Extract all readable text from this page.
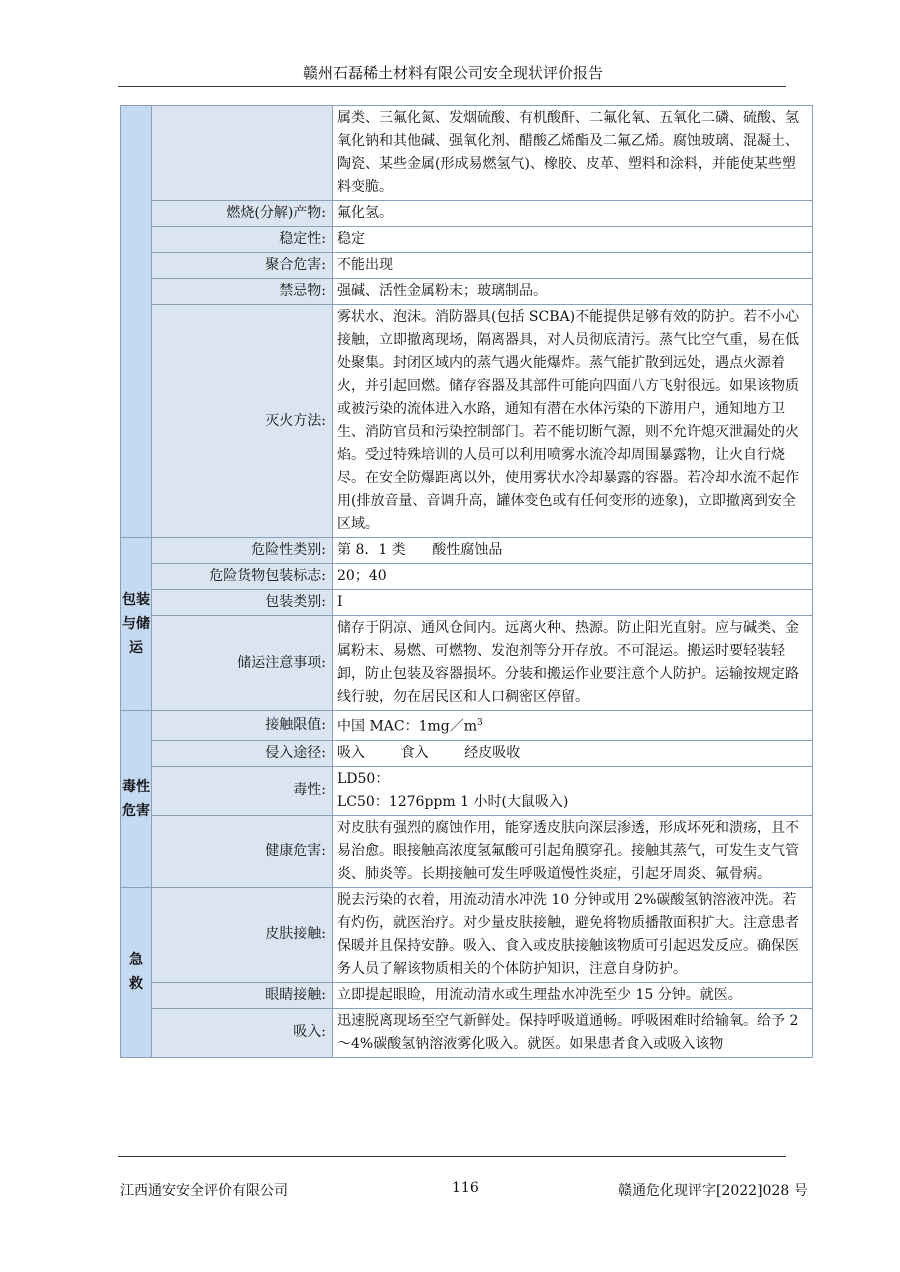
赣州石磊稀土材料有限公司安全现状评价报告
		属类、三氟化氮、发烟硫酸、有机酸酐、二氟化氧、五氧化二磷、硫酸、氢氧化钠和其他碱、强氧化剂、醋酸乙烯酯及二氟乙烯。腐蚀玻璃、混凝土、陶瓷、某些金属(形成易燃氢气)、橡胶、皮革、塑料和涂料，并能使某些塑料变脆。
	燃烧(分解)产物:	氟化氢。
	稳定性:	稳定
	聚合危害:	不能出现
	禁忌物:	强碱、活性金属粉末；玻璃制品。
	灭火方法:	雾状水、泡沫。消防器具(包括 SCBA)不能提供足够有效的防护。若不小心接触，立即撤离现场，隔离器具，对人员彻底清污。蒸气比空气重，易在低处聚集。封闭区域内的蒸气遇火能爆炸。蒸气能扩散到远处，遇点火源着火，并引起回燃。储存容器及其部件可能向四面八方飞射很远。如果该物质或被污染的流体进入水路，通知有潜在水体污染的下游用户，通知地方卫生、消防官员和污染控制部门。若不能切断气源，则不允许熄灭泄漏处的火焰。受过特殊培训的人员可以利用喷雾水流冷却周围暴露物，让火自行烧尽。在安全防爆距离以外，使用雾状水冷却暴露的容器。若冷却水流不起作用(排放音量、音调升高，罐体变色或有任何变形的迹象)，立即撤离到安全区域。
包装与储运	危险性类别:	第 8．1 类 酸性腐蚀品
	危险货物包装标志:	20；40
	包装类别:	Ⅰ
	储运注意事项:	储存于阴凉、通风仓间内。远离火种、热源。防止阳光直射。应与碱类、金属粉末、易燃、可燃物、发泡剂等分开存放。不可混运。搬运时要轻装轻卸，防止包装及容器损坏。分装和搬运作业要注意个人防护。运输按规定路线行驶，勿在居民区和人口稠密区停留。
毒性危害	接触限值:	中国 MAC：$1mg/m^3$
	侵入途径:	吸入 食入 经皮吸收
	毒性:	LD50：
LC50：1276ppm 1 小时(大鼠吸入)

	健康危害:	对皮肤有强烈的腐蚀作用，能穿透皮肤向深层渗透，形成坏死和溃疡，且不易治愈。眼接触高浓度氢氟酸可引起角膜穿孔。接触其蒸气，可发生支气管炎、肺炎等。长期接触可发生呼吸道慢性炎症，引起牙周炎、氟骨病。
急 救	皮肤接触:	脱去污染的衣着，用流动清水冲洗 10 分钟或用 2%碳酸氢钠溶液冲洗。若有灼伤，就医治疗。对少量皮肤接触，避免将物质播散面积扩大。注意患者保暖并且保持安静。吸入、食入或皮肤接触该物质可引起迟发反应。确保医务人员了解该物质相关的个体防护知识，注意自身防护。
	眼睛接触:	立即提起眼睑，用流动清水或生理盐水冲洗至少 15 分钟。就医。
	吸入:	迅速脱离现场至空气新鲜处。保持呼吸道通畅。呼吸困难时给输氧。给予 2～4%碳酸氢钠溶液雾化吸入。就医。如果患者食入或吸入该物
江西通安安全评价有限公司	116	赣通危化现评字[2022]028 号
